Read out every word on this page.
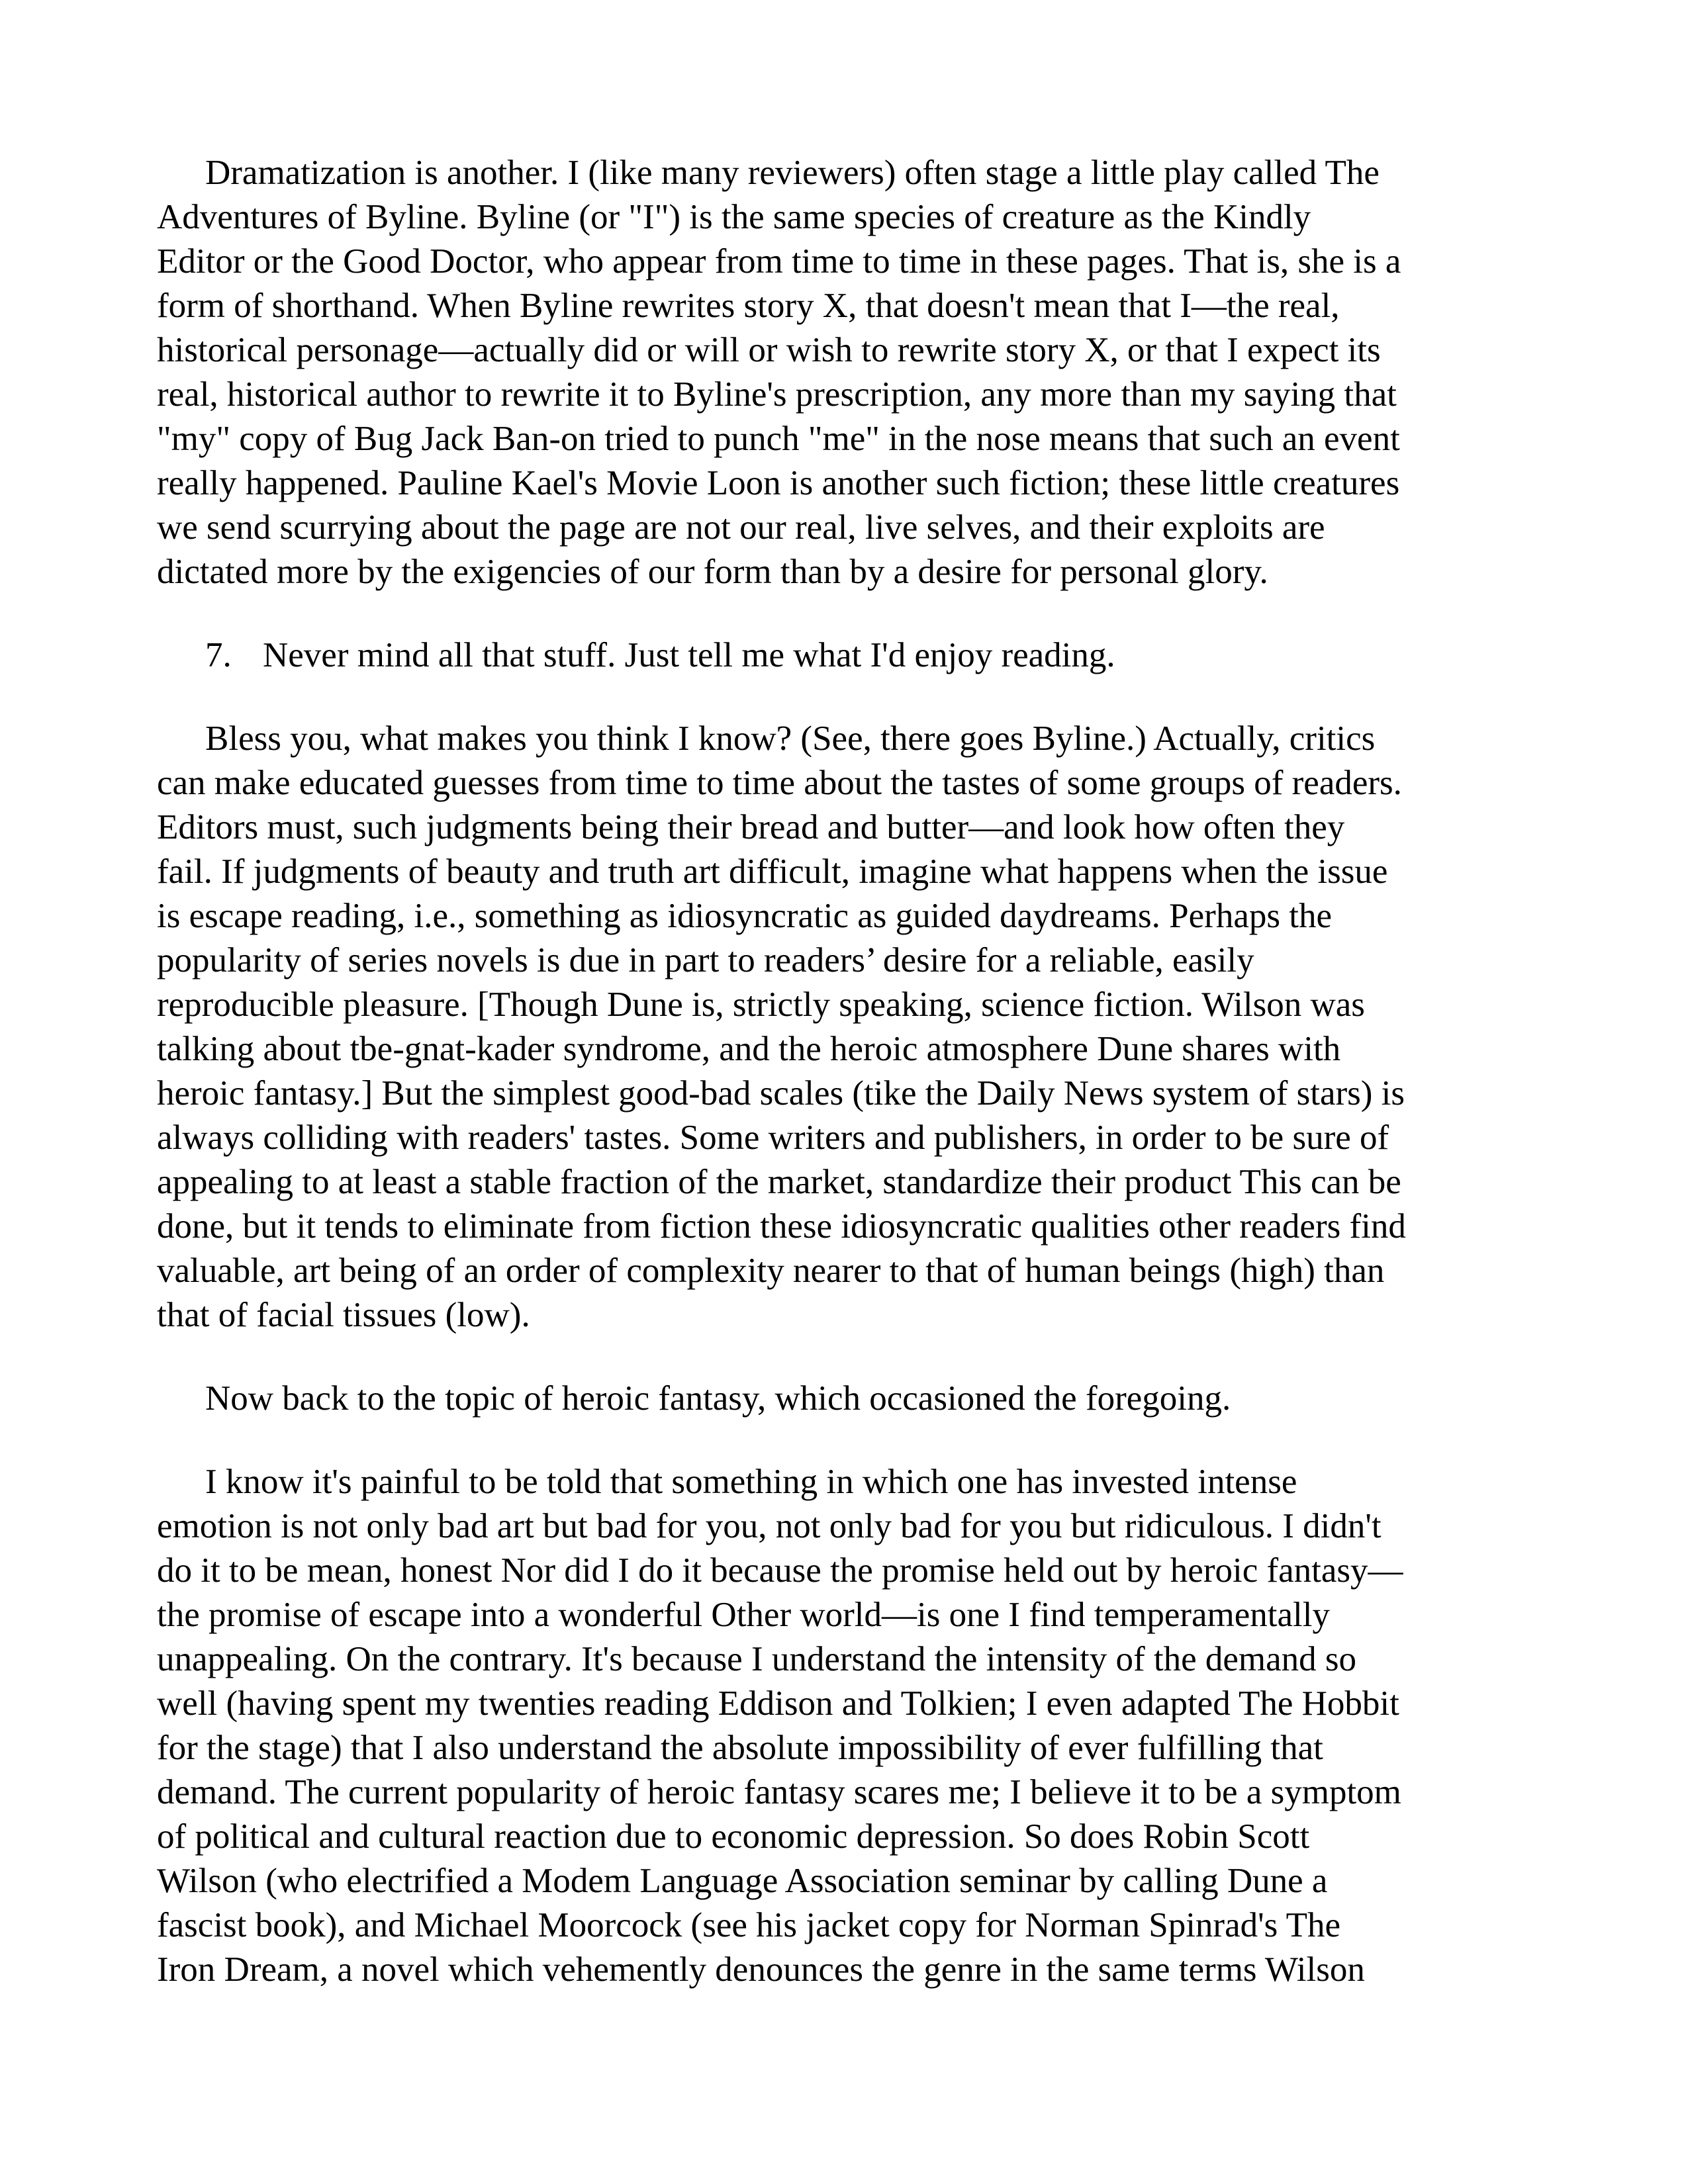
Dramatization is another. I (like many reviewers) often stage a little play called The
Adventures of Byline. Byline (or "I") is the same species of creature as the Kindly
Editor or the Good Doctor, who appear from time to time in these pages. That is, she is a
form of shorthand. When Byline rewrites story X, that doesn't mean that I—the real,
historical personage—actually did or will or wish to rewrite story X, or that I expect its
real, historical author to rewrite it to Byline's prescription, any more than my saying that
"my" copy of Bug Jack Ban-on tried to punch "me" in the nose means that such an event
really happened. Pauline Kael's Movie Loon is another such fiction; these little creatures
we send scurrying about the page are not our real, live selves, and their exploits are
dictated more by the exigencies of our form than by a desire for personal glory.
7. Never mind all that stuff. Just tell me what I'd enjoy reading.
Bless you, what makes you think I know? (See, there goes Byline.) Actually, critics
can make educated guesses from time to time about the tastes of some groups of readers.
Editors must, such judgments being their bread and butter—and look how often they
fail. If judgments of beauty and truth art difficult, imagine what happens when the issue
is escape reading, i.e., something as idiosyncratic as guided daydreams. Perhaps the
popularity of series novels is due in part to readers’ desire for a reliable, easily
reproducible pleasure. [Though Dune is, strictly speaking, science fiction. Wilson was
talking about tbe-gnat-kader syndrome, and the heroic atmosphere Dune shares with
heroic fantasy.] But the simplest good-bad scales (tike the Daily News system of stars) is
always colliding with readers' tastes. Some writers and publishers, in order to be sure of
appealing to at least a stable fraction of the market, standardize their product This can be
done, but it tends to eliminate from fiction these idiosyncratic qualities other readers find
valuable, art being of an order of complexity nearer to that of human beings (high) than
that of facial tissues (low).
Now back to the topic of heroic fantasy, which occasioned the foregoing.
I know it's painful to be told that something in which one has invested intense
emotion is not only bad art but bad for you, not only bad for you but ridiculous. I didn't
do it to be mean, honest Nor did I do it because the promise held out by heroic fantasy—
the promise of escape into a wonderful Other world—is one I find temperamentally
unappealing. On the contrary. It's because I understand the intensity of the demand so
well (having spent my twenties reading Eddison and Tolkien; I even adapted The Hobbit
for the stage) that I also understand the absolute impossibility of ever fulfilling that
demand. The current popularity of heroic fantasy scares me; I believe it to be a symptom
of political and cultural reaction due to economic depression. So does Robin Scott
Wilson (who electrified a Modem Language Association seminar by calling Dune a
fascist book), and Michael Moorcock (see his jacket copy for Norman Spinrad's The
Iron Dream, a novel which vehemently denounces the genre in the same terms Wilson
